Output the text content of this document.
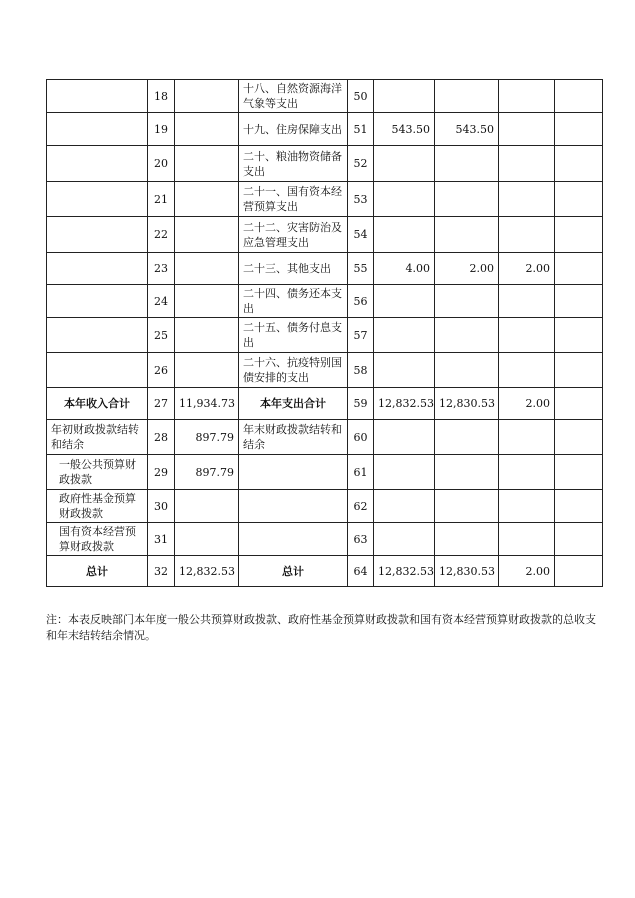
	18		十八、自然资源海洋气象等支出	50				
	19		十九、住房保障支出	51	543.50	543.50		
	20		二十、粮油物资储备支出	52				
	21		二十一、国有资本经营预算支出	53				
	22		二十二、灾害防治及应急管理支出	54				
	23		二十三、其他支出	55	4.00	2.00	2.00	
	24		二十四、债务还本支出	56				
	25		二十五、债务付息支出	57				
	26		二十六、抗疫特别国债安排的支出	58				
本年收入合计	27	11,934.73	本年支出合计	59	12,832.53	12,830.53	2.00	
年初财政拨款结转和结余	28	897.79	年末财政拨款结转和结余	60				
一般公共预算财政拨款	29	897.79		61				
政府性基金预算财政拨款	30			62				
国有资本经营预算财政拨款	31			63				
总计	32	12,832.53	总计	64	12,832.53	12,830.53	2.00	
注：本表反映部门本年度一般公共预算财政拨款、政府性基金预算财政拨款和国有资本经营预算财政拨款的总收支和年末结转结余情况。
